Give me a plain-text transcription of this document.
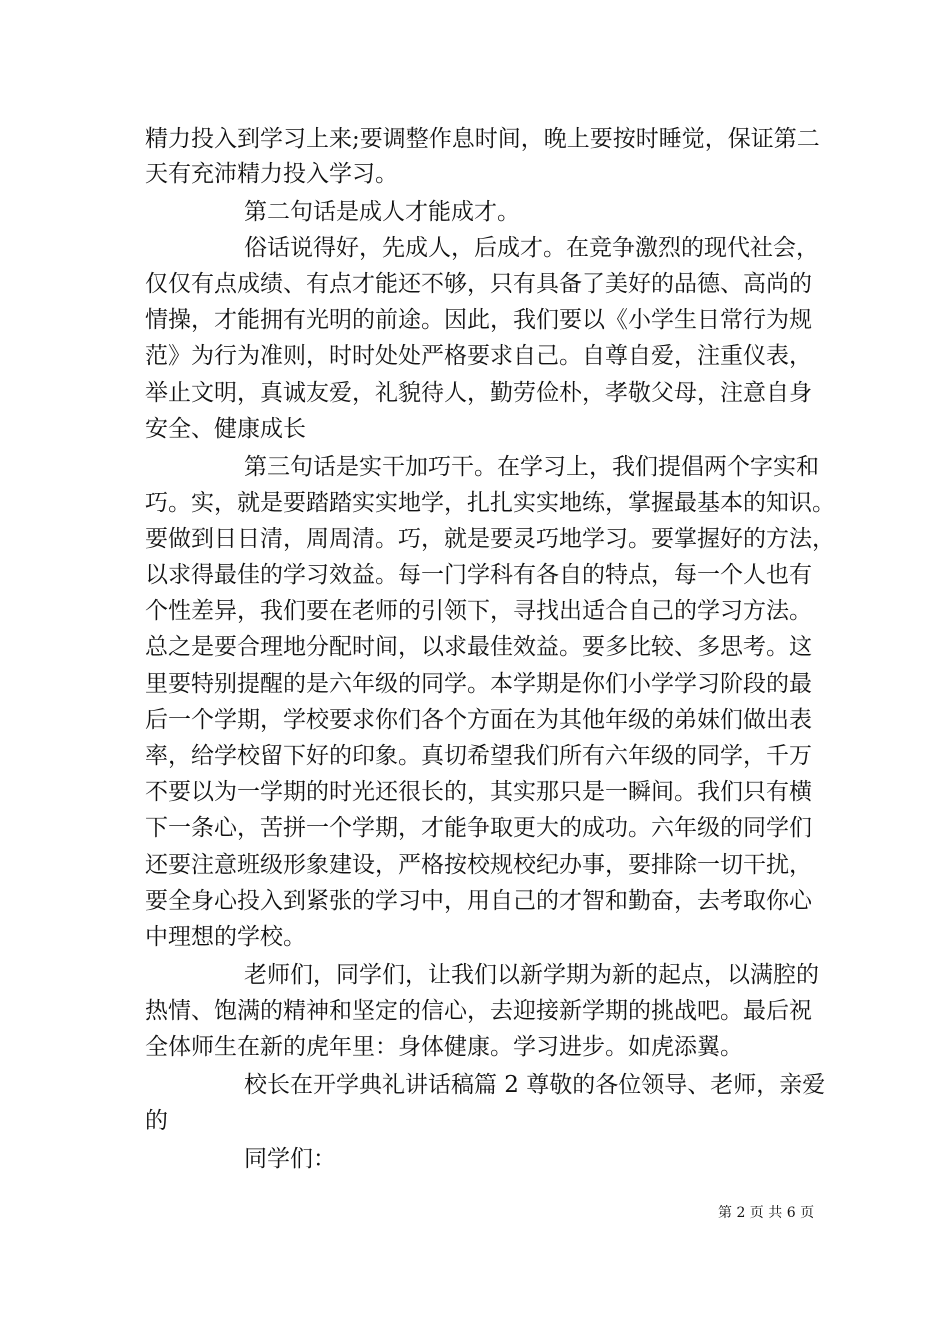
精力投入到学习上来;要调整作息时间，晚上要按时睡觉，保证第二
天有充沛精力投入学习。
第二句话是成人才能成才。
俗话说得好，先成人，后成才。在竞争激烈的现代社会，
仅仅有点成绩、有点才能还不够，只有具备了美好的品德、高尚的
情操，才能拥有光明的前途。因此，我们要以《小学生日常行为规
范》为行为准则，时时处处严格要求自己。自尊自爱，注重仪表，
举止文明，真诚友爱，礼貌待人，勤劳俭朴，孝敬父母，注意自身
安全、健康成长
第三句话是实干加巧干。在学习上，我们提倡两个字实和
巧。实，就是要踏踏实实地学，扎扎实实地练，掌握最基本的知识。
要做到日日清，周周清。巧，就是要灵巧地学习。要掌握好的方法，
以求得最佳的学习效益。每一门学科有各自的特点，每一个人也有
个性差异，我们要在老师的引领下，寻找出适合自己的学习方法。
总之是要合理地分配时间，以求最佳效益。要多比较、多思考。这
里要特别提醒的是六年级的同学。本学期是你们小学学习阶段的最
后一个学期，学校要求你们各个方面在为其他年级的弟妹们做出表
率，给学校留下好的印象。真切希望我们所有六年级的同学，千万
不要以为一学期的时光还很长的，其实那只是一瞬间。我们只有横
下一条心，苦拼一个学期，才能争取更大的成功。六年级的同学们
还要注意班级形象建设，严格按校规校纪办事，要排除一切干扰，
要全身心投入到紧张的学习中，用自己的才智和勤奋，去考取你心
中理想的学校。
老师们，同学们，让我们以新学期为新的起点，以满腔的
热情、饱满的精神和坚定的信心，去迎接新学期的挑战吧。最后祝
全体师生在新的虎年里：身体健康。学习进步。如虎添翼。
校长在开学典礼讲话稿篇 2 尊敬的各位领导、老师，亲爱
的
同学们：
第 2 页 共 6 页
